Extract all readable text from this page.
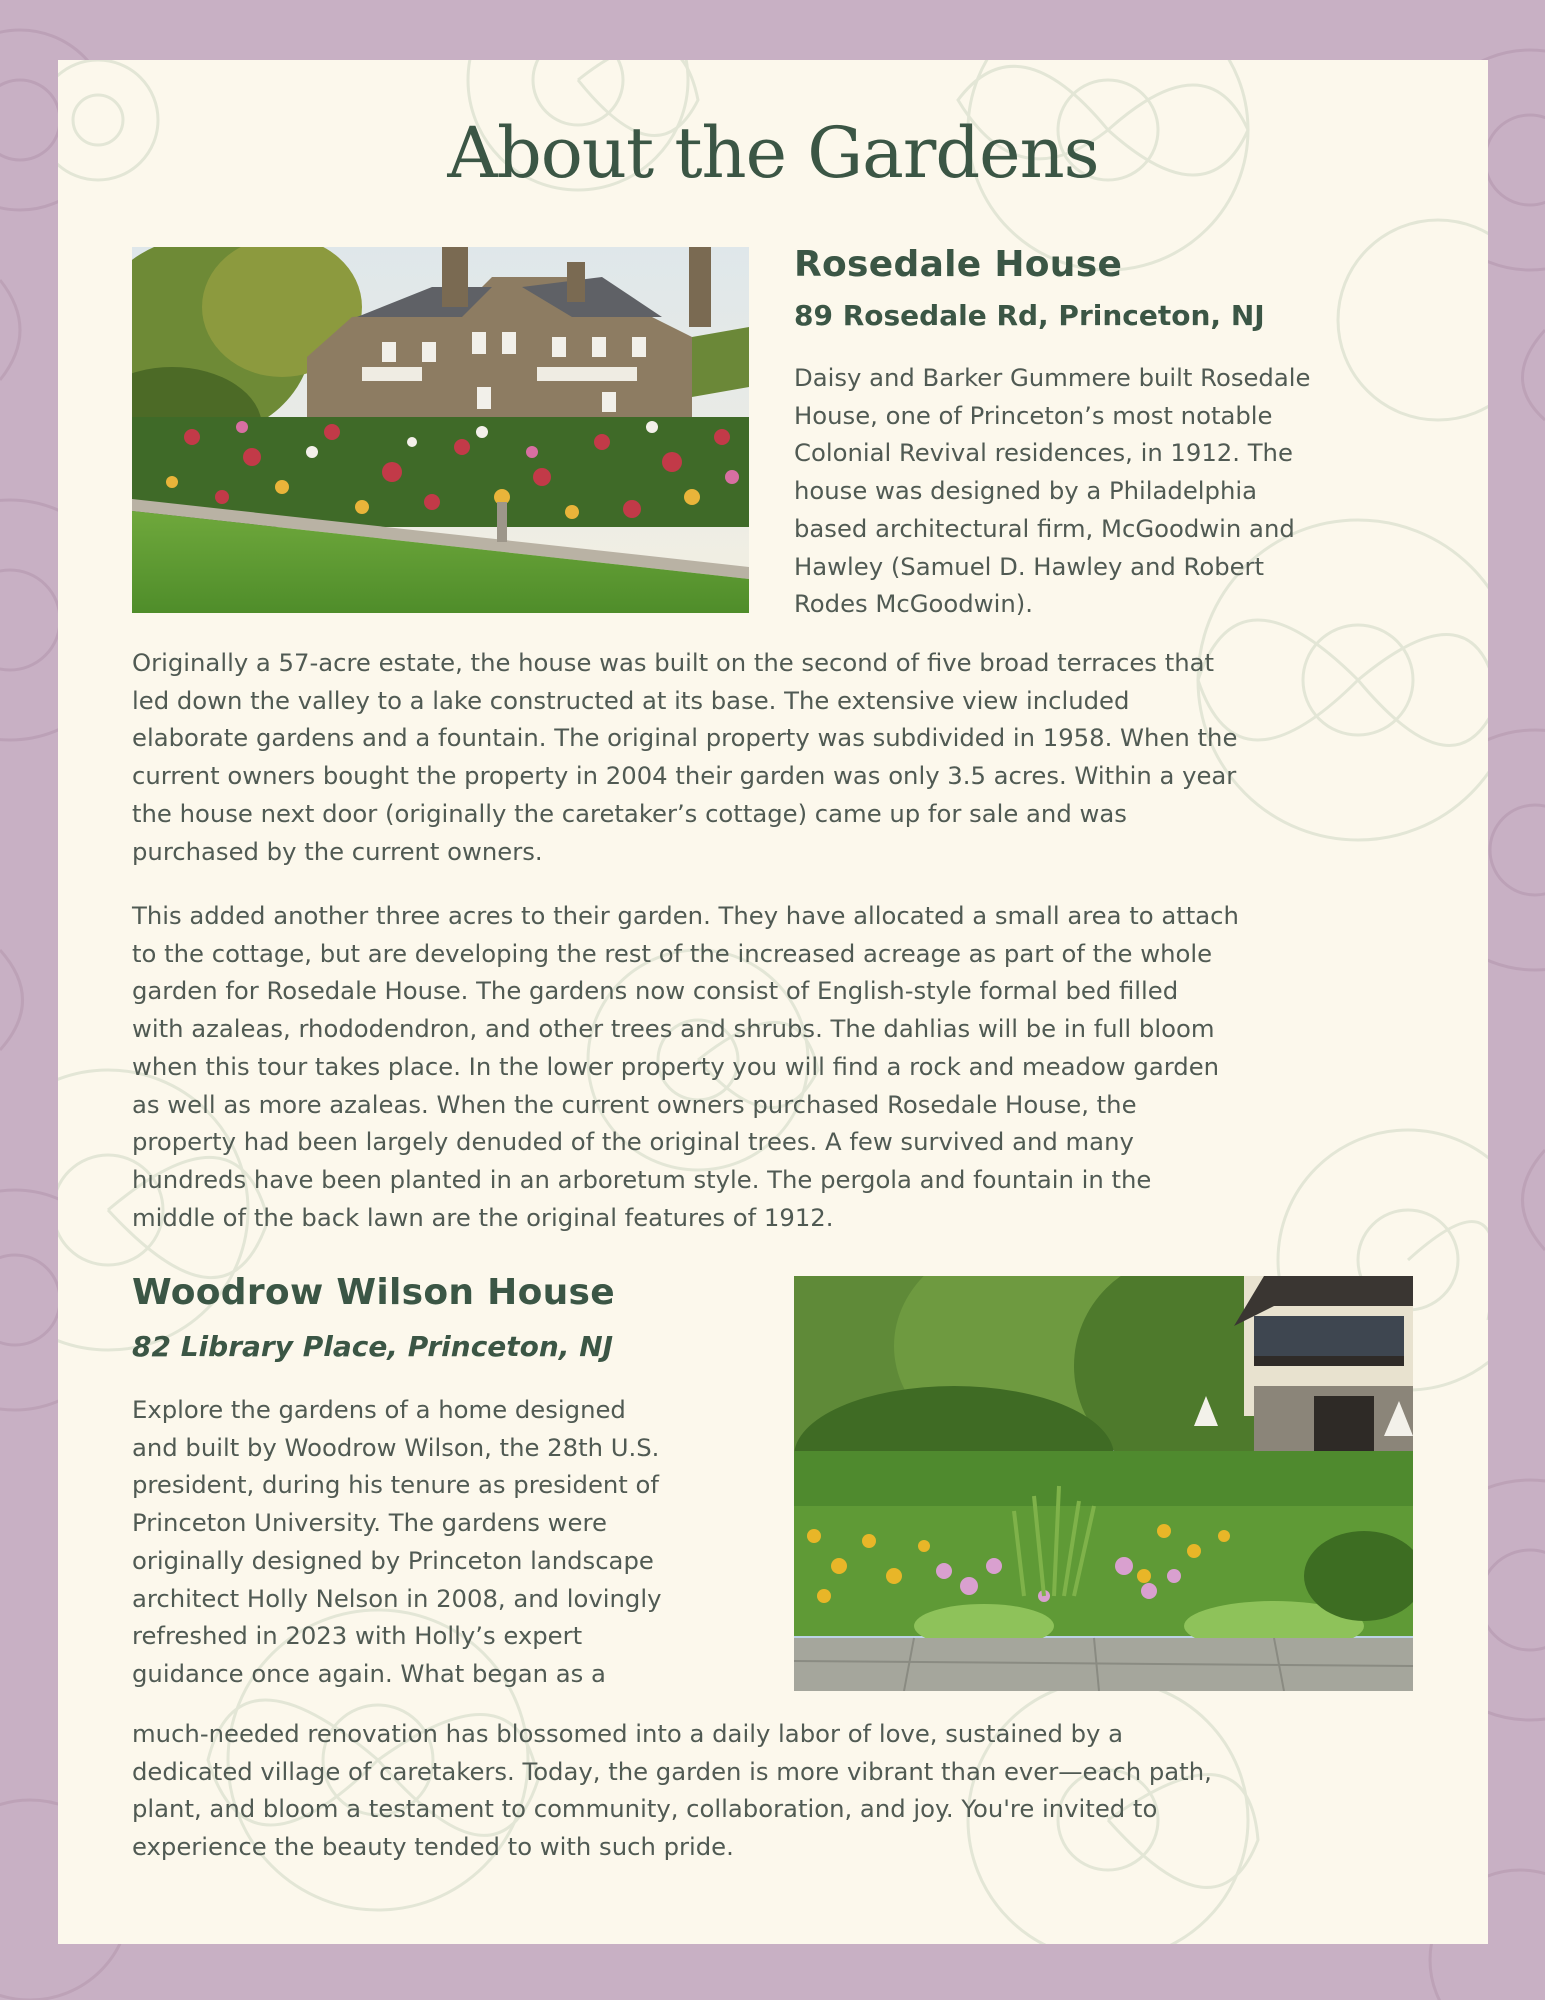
About the Gardens
Rosedale House
89 Rosedale Rd, Princeton, NJ

Daisy and Barker Gummere built Rosedale
House, one of Princeton’s most notable
Colonial Revival residences, in 1912. The
house was designed by a Philadelphia
based architectural firm, McGoodwin and
Hawley (Samuel D. Hawley and Robert
Rodes McGoodwin).

Originally a 57-acre estate, the house was built on the second of five broad terraces that
led down the valley to a lake constructed at its base. The extensive view included
elaborate gardens and a fountain. The original property was subdivided in 1958. When the
current owners bought the property in 2004 their garden was only 3.5 acres. Within a year
the house next door (originally the caretaker’s cottage) came up for sale and was
purchased by the current owners.

This added another three acres to their garden. They have allocated a small area to attach
to the cottage, but are developing the rest of the increased acreage as part of the whole
garden for Rosedale House. The gardens now consist of English-style formal bed filled
with azaleas, rhododendron, and other trees and shrubs. The dahlias will be in full bloom
when this tour takes place. In the lower property you will find a rock and meadow garden
as well as more azaleas. When the current owners purchased Rosedale House, the
property had been largely denuded of the original trees. A few survived and many
hundreds have been planted in an arboretum style. The pergola and fountain in the
middle of the back lawn are the original features of 1912.

Woodrow Wilson House
82 Library Place, Princeton, NJ

Explore the gardens of a home designed
and built by Woodrow Wilson, the 28th U.S.
president, during his tenure as president of
Princeton University. The gardens were
originally designed by Princeton landscape
architect Holly Nelson in 2008, and lovingly
refreshed in 2023 with Holly’s expert
guidance once again. What began as a

much-needed renovation has blossomed into a daily labor of love, sustained by a
dedicated village of caretakers. Today, the garden is more vibrant than ever—each path,
plant, and bloom a testament to community, collaboration, and joy. You're invited to
experience the beauty tended to with such pride.
